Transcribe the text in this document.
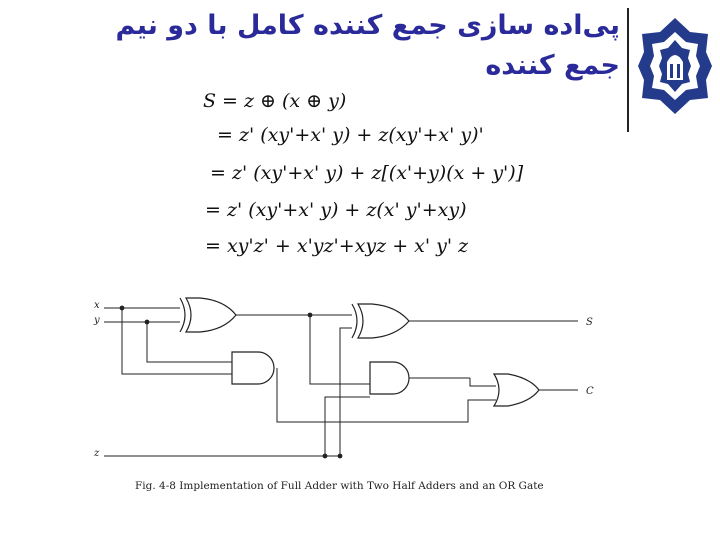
پی‌اده سازی جمع کننده کامل با دو نیم جمع کننده
S = z ⊕ (x ⊕ y)
= z' (xy'+x' y) + z(xy'+x' y)'
= z' (xy'+x' y) + z[(x'+y)(x + y')]
= z' (xy'+x' y) + z(x' y'+xy)
= xy'z' + x'yz'+xyz + x' y' z
x
y
z
S
C
Fig. 4-8 Implementation of Full Adder with Two Half Adders and an OR Gate
